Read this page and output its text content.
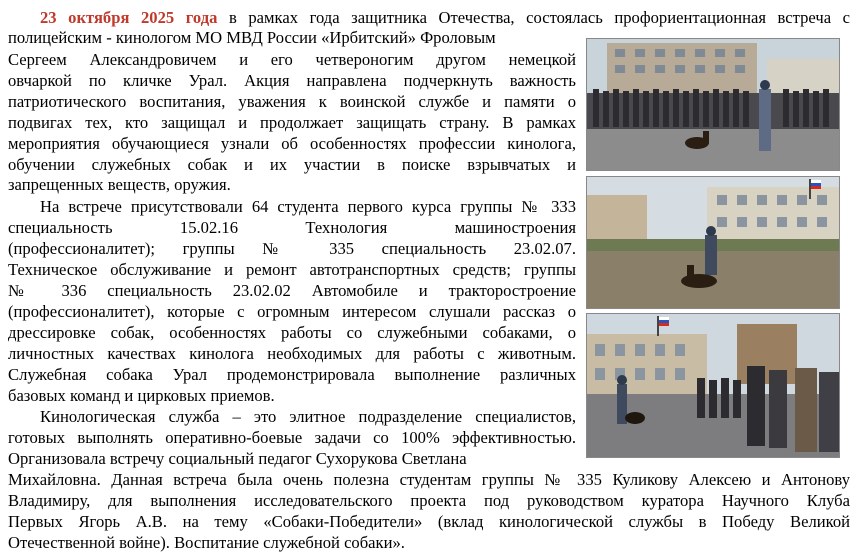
23 октября 2025 года в рамках года защитника Отечества, состоялась профориентационная встреча с
полицейским - кинологом МО МВД России «Ирбитский» Фроловым
Сергеем Александровичем и его четвероногим другом немецкой
овчаркой по кличке Урал. Акция направлена подчеркнуть важность
патриотического воспитания, уважения к воинской службе и памяти о
подвигах тех, кто защищал и продолжает защищать страну. В рамках
мероприятия обучающиеся узнали об особенностях профессии кинолога,
обучении служебных собак и их участии в поиске взрывчатых и
запрещенных веществ, оружия.
На встрече присутствовали 64 студента первого курса группы № 333
специальность 15.02.16 Технология машиностроения
(профессионалитет); группы № 335 специальность 23.02.07.
Техническое обслуживание и ремонт автотранспортных средств; группы
№ 336 специальность 23.02.02 Автомобиле и тракторостроение
(профессионалитет), которые с огромным интересом слушали рассказ о
дрессировке собак, особенностях работы со служебными собаками, о
личностных качествах кинолога необходимых для работы с животным.
Служебная собака Урал продемонстрировала выполнение различных
базовых команд и цирковых приемов.
Кинологическая служба – это элитное подразделение специалистов,
готовых выполнять оперативно-боевые задачи со 100% эффективностью.
Организовала встречу социальный педагог Сухорукова Светлана
Михайловна. Данная встреча была очень полезна студентам группы № 335 Куликову Алексею и Антонову
Владимиру, для выполнения исследовательского проекта под руководством куратора Научного Клуба
Первых Ягорь А.В. на тему «Собаки-Победители» (вклад кинологической службы в Победу Великой
Отечественной войне). Воспитание служебной собаки».
